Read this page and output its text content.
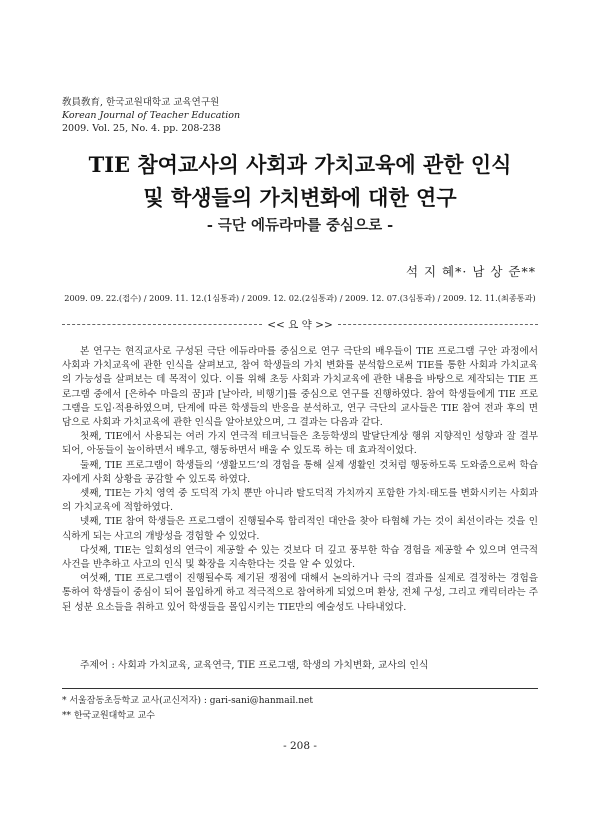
敎員敎育, 한국교원대학교 교육연구원
Korean Journal of Teacher Education
2009. Vol. 25, No. 4. pp. 208-238
TIE 참여교사의 사회과 가치교육에 관한 인식
및 학생들의 가치변화에 대한 연구
- 극단 에듀라마를 중심으로 -
석 지 혜*· 남 상 준**
2009. 09. 22.(접수) / 2009. 11. 12.(1심통과) / 2009. 12. 02.(2심통과) / 2009. 12. 07.(3심통과) / 2009. 12. 11.(최종통과)
<< 요 약 >>

본 연구는 현직교사로 구성된 극단 에듀라마를 중심으로 연구 극단의 배우들이 TIE 프로그램 구안 과정에서 사회과 가치교육에 관한 인식을 살펴보고, 참여 학생들의 가치 변화를 분석함으로써 TIE를 통한 사회과 가치교육의 가능성을 살펴보는 데 목적이 있다. 이를 위해 초등 사회과 가치교육에 관한 내용을 바탕으로 제작되는 TIE 프로그램 중에서 [은하수 마을의 꿈]과 [날아라, 비행기]를 중심으로 연구를 진행하였다. 참여 학생들에게 TIE 프로그램을 도입·적용하였으며, 단계에 따른 학생들의 반응을 분석하고, 연구 극단의 교사들은 TIE 참여 전과 후의 면담으로 사회과 가치교육에 관한 인식을 알아보았으며, 그 결과는 다음과 같다.

첫째, TIE에서 사용되는 여러 가지 연극적 테크닉들은 초등학생의 발달단계상 행위 지향적인 성향과 잘 결부되어, 아동들이 놀이하면서 배우고, 행동하면서 배울 수 있도록 하는 데 효과적이었다.

둘째, TIE 프로그램이 학생들의 ‘생활모드’의 경험을 통해 실제 생활인 것처럼 행동하도록 도와줌으로써 학습자에게 사회 상황을 공감할 수 있도록 하였다.

셋째, TIE는 가치 영역 중 도덕적 가치 뿐만 아니라 탈도덕적 가치까지 포함한 가치·태도를 변화시키는 사회과의 가치교육에 적합하였다.

넷째, TIE 참여 학생들은 프로그램이 진행될수록 합리적인 대안을 찾아 타협해 가는 것이 최선이라는 것을 인식하게 되는 사고의 개방성을 경험할 수 있었다.

다섯째, TIE는 일회성의 연극이 제공할 수 있는 것보다 더 깊고 풍부한 학습 경험을 제공할 수 있으며 연극적 사건을 반추하고 사고의 인식 및 확장을 지속한다는 것을 알 수 있었다.

여섯째, TIE 프로그램이 진행될수록 제기된 쟁점에 대해서 논의하거나 극의 결과를 실제로 결정하는 경험을 통하여 학생들이 중심이 되어 몰입하게 하고 적극적으로 참여하게 되었으며 환상, 전체 구성, 그리고 캐릭터라는 주된 성분 요소들을 취하고 있어 학생들을 몰입시키는 TIE만의 예술성도 나타내었다.

주제어 : 사회과 가치교육, 교육연극, TIE 프로그램, 학생의 가치변화, 교사의 인식
* 서울잠동초등학교 교사(교신저자) : gari-sani@hanmail.net
** 한국교원대학교 교수
- 208 -
